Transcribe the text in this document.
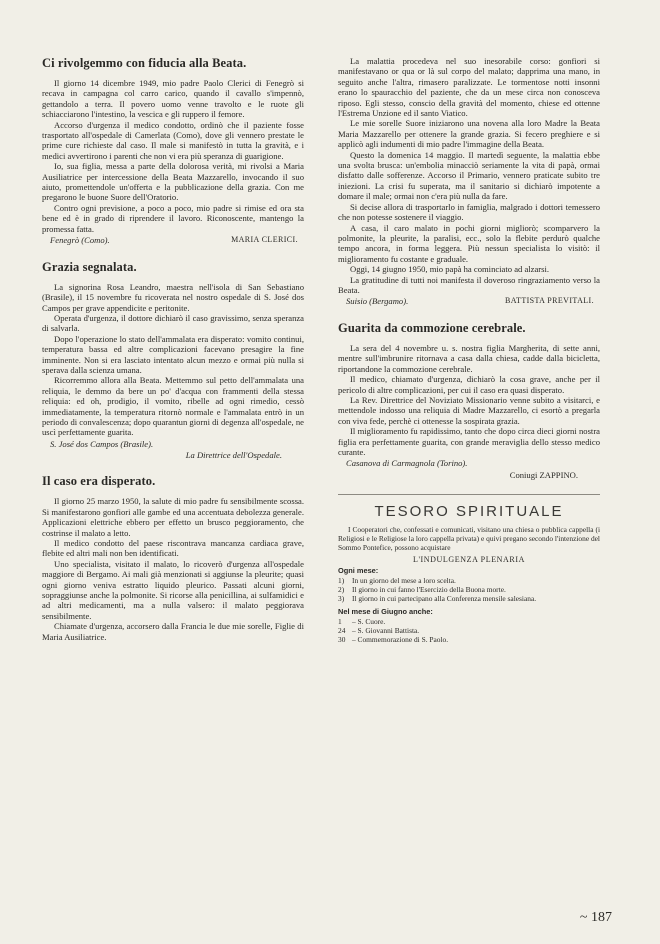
Ci rivolgemmo con fiducia alla Beata.

Il giorno 14 dicembre 1949, mio padre Paolo Clerici di Fenegrò si recava in campagna col carro carico, quando il cavallo s'impennò, gettandolo a terra. Il povero uomo venne travolto e le ruote gli schiacciarono l'intestino, la vescica e gli ruppero il femore.

Accorso d'urgenza il medico condotto, ordinò che il paziente fosse trasportato all'ospedale di Camerlata (Como), dove gli vennero prestate le prime cure richieste dal caso. Il male si manifestò in tutta la gravità, e i medici avvertirono i parenti che non vi era più speranza di guarigione.

Io, sua figlia, messa a parte della dolorosa verità, mi rivolsi a Maria Ausiliatrice per intercessione della Beata Mazzarello, invocando il suo aiuto, promettendole un'offerta e la pubblicazione della grazia. Con me pregarono le buone Suore dell'Oratorio.

Contro ogni previsione, a poco a poco, mio padre si rimise ed ora sta bene ed è in grado di riprendere il lavoro. Riconoscente, mantengo la promessa fatta.

Fenegrò (Como).	MARIA CLERICI.
Grazia segnalata.

La signorina Rosa Leandro, maestra nell'isola di San Sebastiano (Brasile), il 15 novembre fu ricoverata nel nostro ospedale di S. José dos Campos per grave appendicite e peritonite.

Operata d'urgenza, il dottore dichiarò il caso gravissimo, senza speranza di salvarla.

Dopo l'operazione lo stato dell'ammalata era disperato: vomito continui, temperatura bassa ed altre complicazioni facevano presagire la fine imminente. Non si era lasciato intentato alcun mezzo e ormai più nulla si sperava dalla scienza umana.

Ricorremmo allora alla Beata. Mettemmo sul petto dell'ammalata una reliquia, le demmo da bere un po' d'acqua con frammenti della stessa reliquia: ed oh, prodigio, il vomito, ribelle ad ogni rimedio, cessò immediatamente, la temperatura ritornò normale e l'ammalata entrò in un periodo di convalescenza; dopo quarantun giorni di degenza all'ospedale, ne uscì perfettamente guarita.

S. José dos Campos (Brasile).
La Direttrice dell'Ospedale.
Il caso era disperato.

Il giorno 25 marzo 1950, la salute di mio padre fu sensibilmente scossa. Si manifestarono gonfiori alle gambe ed una accentuata debolezza generale. Applicazioni elettriche ebbero per effetto un brusco peggioramento, che costrinse il malato a letto.

Il medico condotto del paese riscontrava mancanza cardiaca grave, flebite ed altri mali non ben identificati.

Uno specialista, visitato il malato, lo ricoverò d'urgenza all'ospedale maggiore di Bergamo. Ai mali già menzionati si aggiunse la pleurite; quasi ogni giorno veniva estratto liquido pleurico. Passati alcuni giorni, sopraggiunse anche la polmonite. Si ricorse alla penicillina, ai sulfamidici e ad altri medicamenti, ma a nulla valsero: il malato peggiorava sensibilmente.

Chiamate d'urgenza, accorsero dalla Francia le due mie sorelle, Figlie di Maria Ausiliatrice.

La malattia procedeva nel suo inesorabile corso: gonfiori si manifestavano or qua or là sul corpo del malato; dapprima una mano, in seguito anche l'altra, rimasero paralizzate. Le tormentose notti insonni erano lo spauracchio del paziente, che da un mese circa non conosceva riposo. Egli stesso, conscio della gravità del momento, chiese ed ottenne l'Estrema Unzione ed il santo Viatico.

Le mie sorelle Suore iniziarono una novena alla loro Madre la Beata Maria Mazzarello per ottenere la grande grazia. Si fecero preghiere e si applicò agli indumenti di mio padre l'immagine della Beata.

Questo la domenica 14 maggio. Il martedì seguente, la malattia ebbe una svolta brusca: un'embolia minacciò seriamente la vita di papà, ormai disfatto dalle sofferenze. Accorso il Primario, vennero praticate subito tre iniezioni. La crisi fu superata, ma il sanitario si dichiarò impotente a domare il male; ormai non c'era più nulla da fare.

Si decise allora di trasportarlo in famiglia, malgrado i dottori temessero che non potesse sostenere il viaggio.

A casa, il caro malato in pochi giorni migliorò; scomparvero la polmonite, la pleurite, la paralisi, ecc., solo la flebite perdurò qualche tempo ancora, in forma leggera. Più nessun specialista lo visitò: il miglioramento fu costante e graduale.

Oggi, 14 giugno 1950, mio papà ha cominciato ad alzarsi.

La gratitudine di tutti noi manifesta il doveroso ringraziamento verso la Beata.

Suisio (Bergamo).	BATTISTA PREVITALI.
Guarita da commozione cerebrale.

La sera del 4 novembre u. s. nostra figlia Margherita, di sette anni, mentre sull'imbrunire ritornava a casa dalla chiesa, cadde dalla bicicletta, riportandone la commozione cerebrale.

Il medico, chiamato d'urgenza, dichiarò la cosa grave, anche per il pericolo di altre complicazioni, per cui il caso era quasi disperato.

La Rev. Direttrice del Noviziato Missionario venne subito a visitarci, e mettendole indosso una reliquia di Madre Mazzarello, ci esortò a pregarla con viva fede, perchè ci ottenesse la sospirata grazia.

Il miglioramento fu rapidissimo, tanto che dopo circa dieci giorni nostra figlia era perfettamente guarita, con grande meraviglia dello stesso medico curante.

Casanova di Carmagnola (Torino).
Coniugi ZAPPINO.
TESORO SPIRITUALE

I Cooperatori che, confessati e comunicati, visitano una chiesa o pubblica cappella (i Religiosi e le Religiose la loro cappella privata) e quivi pregano secondo l'intenzione del Sommo Pontefice, possono acquistare

L'INDULGENZA PLENARIA
Ogni mese:
1)	In un giorno del mese a loro scelta.
2)	Il giorno in cui fanno l'Esercizio della Buona morte.
3)	Il giorno in cui partecipano alla Conferenza mensile salesiana.
Nel mese di Giugno anche:
1	– S. Cuore.
24 – S. Giovanni Battista.
30 – Commemorazione di S. Paolo.
~ 187
